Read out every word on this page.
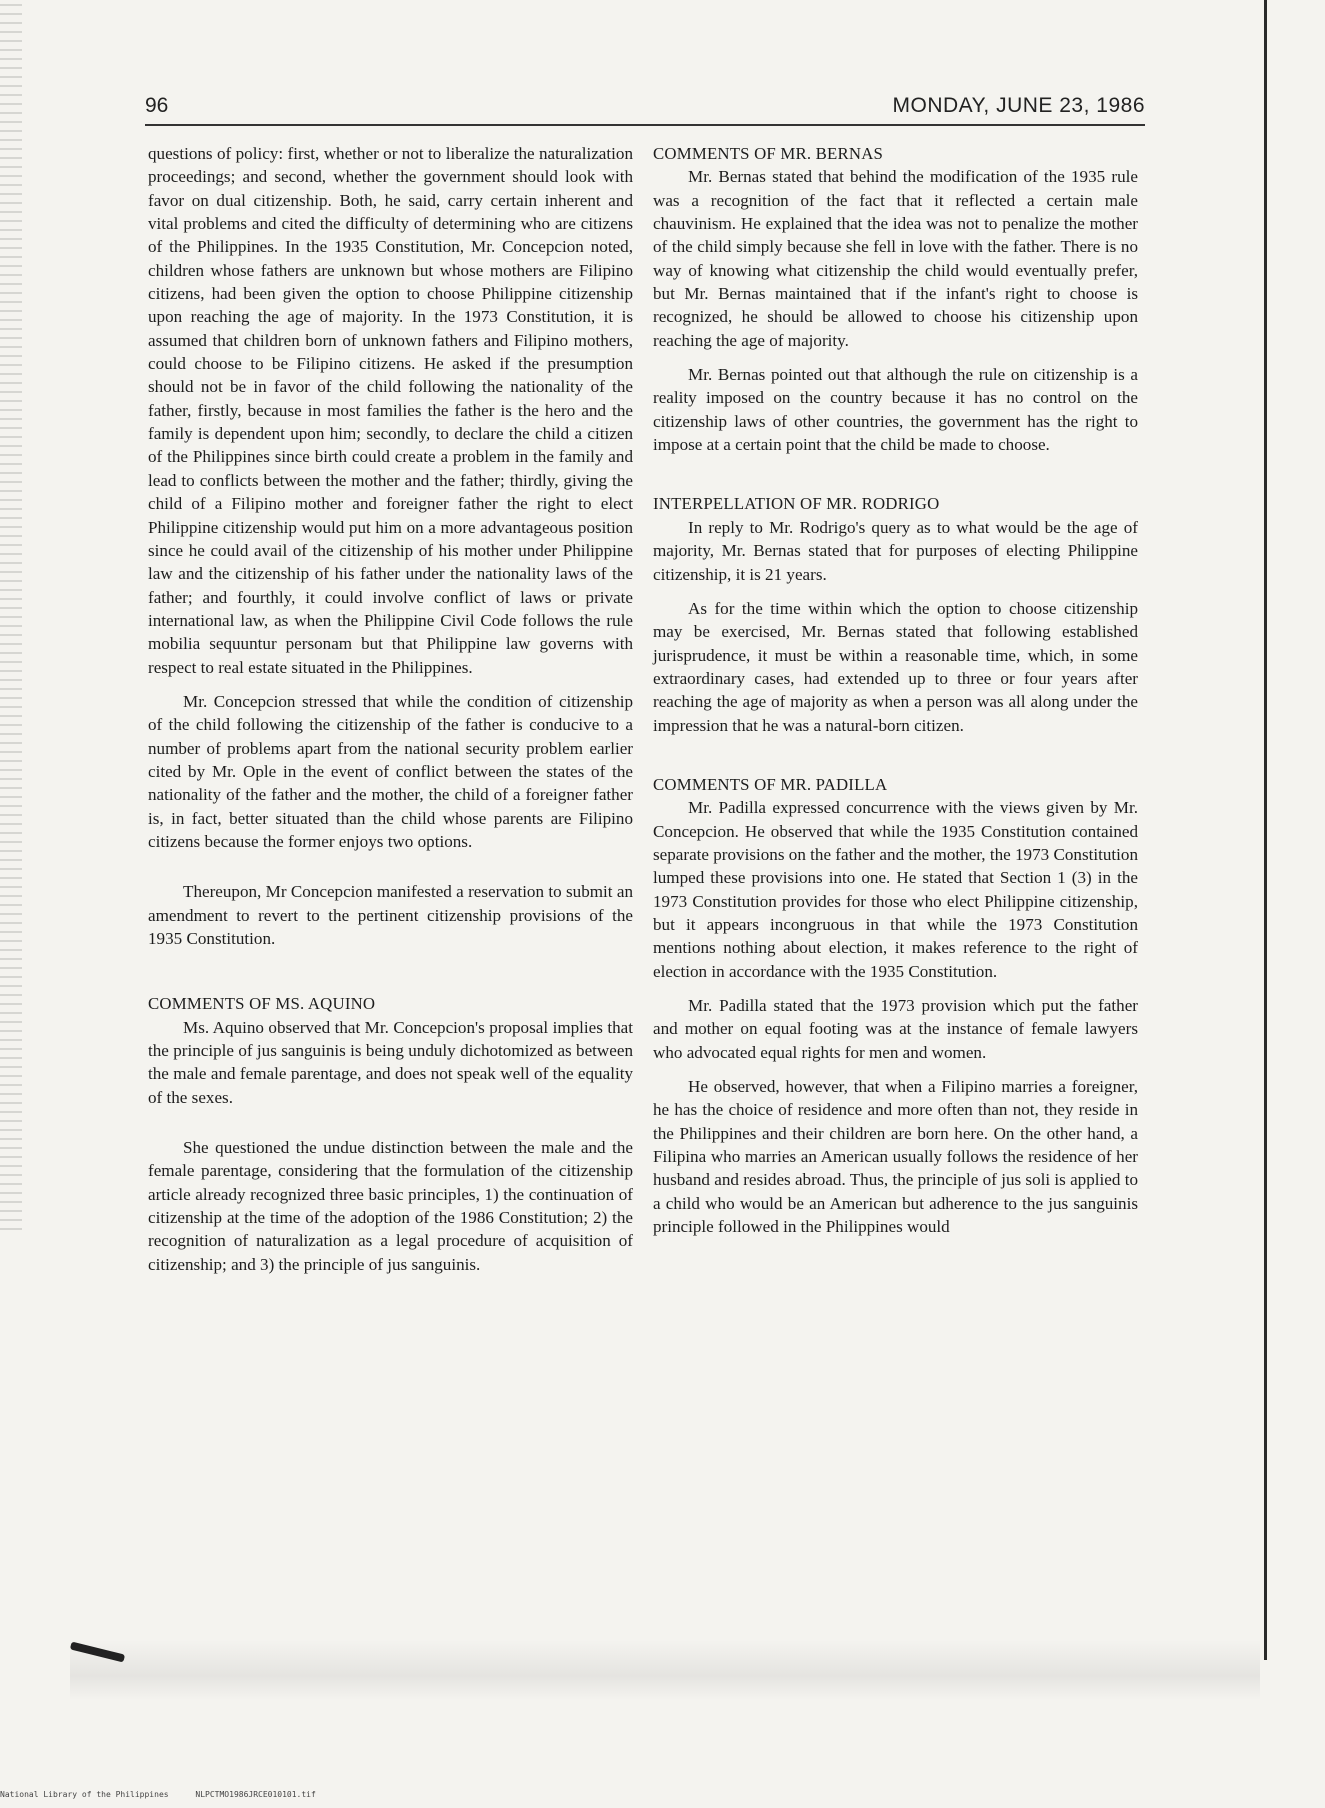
96	MONDAY, JUNE 23, 1986

questions of policy: first, whether or not to liberalize the naturalization proceedings; and second, whether the government should look with favor on dual citizenship. Both, he said, carry certain inherent and vital problems and cited the difficulty of determining who are citizens of the Philippines. In the 1935 Constitution, Mr. Concepcion noted, children whose fathers are unknown but whose mothers are Filipino citizens, had been given the option to choose Philippine citizenship upon reaching the age of majority. In the 1973 Constitution, it is assumed that children born of unknown fathers and Filipino mothers, could choose to be Filipino citizens. He asked if the presumption should not be in favor of the child following the nationality of the father, firstly, because in most families the father is the hero and the family is dependent upon him; secondly, to declare the child a citizen of the Philippines since birth could create a problem in the family and lead to conflicts between the mother and the father; thirdly, giving the child of a Filipino mother and foreigner father the right to elect Philippine citizenship would put him on a more advantageous position since he could avail of the citizenship of his mother under Philippine law and the citizenship of his father under the nationality laws of the father; and fourthly, it could involve conflict of laws or private international law, as when the Philippine Civil Code follows the rule mobilia sequuntur personam but that Philippine law governs with respect to real estate situated in the Philippines.

Mr. Concepcion stressed that while the condition of citizenship of the child following the citizenship of the father is conducive to a number of problems apart from the national security problem earlier cited by Mr. Ople in the event of conflict between the states of the nationality of the father and the mother, the child of a foreigner father is, in fact, better situated than the child whose parents are Filipino citizens because the former enjoys two options.

Thereupon, Mr Concepcion manifested a reservation to submit an amendment to revert to the pertinent citizenship provisions of the 1935 Constitution.

COMMENTS OF MS. AQUINO

Ms. Aquino observed that Mr. Concepcion's proposal implies that the principle of jus sanguinis is being unduly dichotomized as between the male and female parentage, and does not speak well of the equality of the sexes.

She questioned the undue distinction between the male and the female parentage, considering that the formulation of the citizenship article already recognized three basic principles, 1) the continuation of citizenship at the time of the adoption of the 1986 Constitution; 2) the recognition of naturalization as a legal procedure of acquisition of citizenship; and 3) the principle of jus sanguinis.

COMMENTS OF MR. BERNAS

Mr. Bernas stated that behind the modification of the 1935 rule was a recognition of the fact that it reflected a certain male chauvinism. He explained that the idea was not to penalize the mother of the child simply because she fell in love with the father. There is no way of knowing what citizenship the child would eventually prefer, but Mr. Bernas maintained that if the infant's right to choose is recognized, he should be allowed to choose his citizenship upon reaching the age of majority.

Mr. Bernas pointed out that although the rule on citizenship is a reality imposed on the country because it has no control on the citizenship laws of other countries, the government has the right to impose at a certain point that the child be made to choose.

INTERPELLATION OF MR. RODRIGO

In reply to Mr. Rodrigo's query as to what would be the age of majority, Mr. Bernas stated that for purposes of electing Philippine citizenship, it is 21 years.

As for the time within which the option to choose citizenship may be exercised, Mr. Bernas stated that following established jurisprudence, it must be within a reasonable time, which, in some extraordinary cases, had extended up to three or four years after reaching the age of majority as when a person was all along under the impression that he was a natural-born citizen.

COMMENTS OF MR. PADILLA

Mr. Padilla expressed concurrence with the views given by Mr. Concepcion. He observed that while the 1935 Constitution contained separate provisions on the father and the mother, the 1973 Constitution lumped these provisions into one. He stated that Section 1 (3) in the 1973 Constitution provides for those who elect Philippine citizenship, but it appears incongruous in that while the 1973 Constitution mentions nothing about election, it makes reference to the right of election in accordance with the 1935 Constitution.

Mr. Padilla stated that the 1973 provision which put the father and mother on equal footing was at the instance of female lawyers who advocated equal rights for men and women.

He observed, however, that when a Filipino marries a foreigner, he has the choice of residence and more often than not, they reside in the Philippines and their children are born here. On the other hand, a Filipina who marries an American usually follows the residence of her husband and resides abroad. Thus, the principle of jus soli is applied to a child who would be an American but adherence to the jus sanguinis principle followed in the Philippines would

National Library of the Philippines	NLPCTMO1986JRCE010101.tif
